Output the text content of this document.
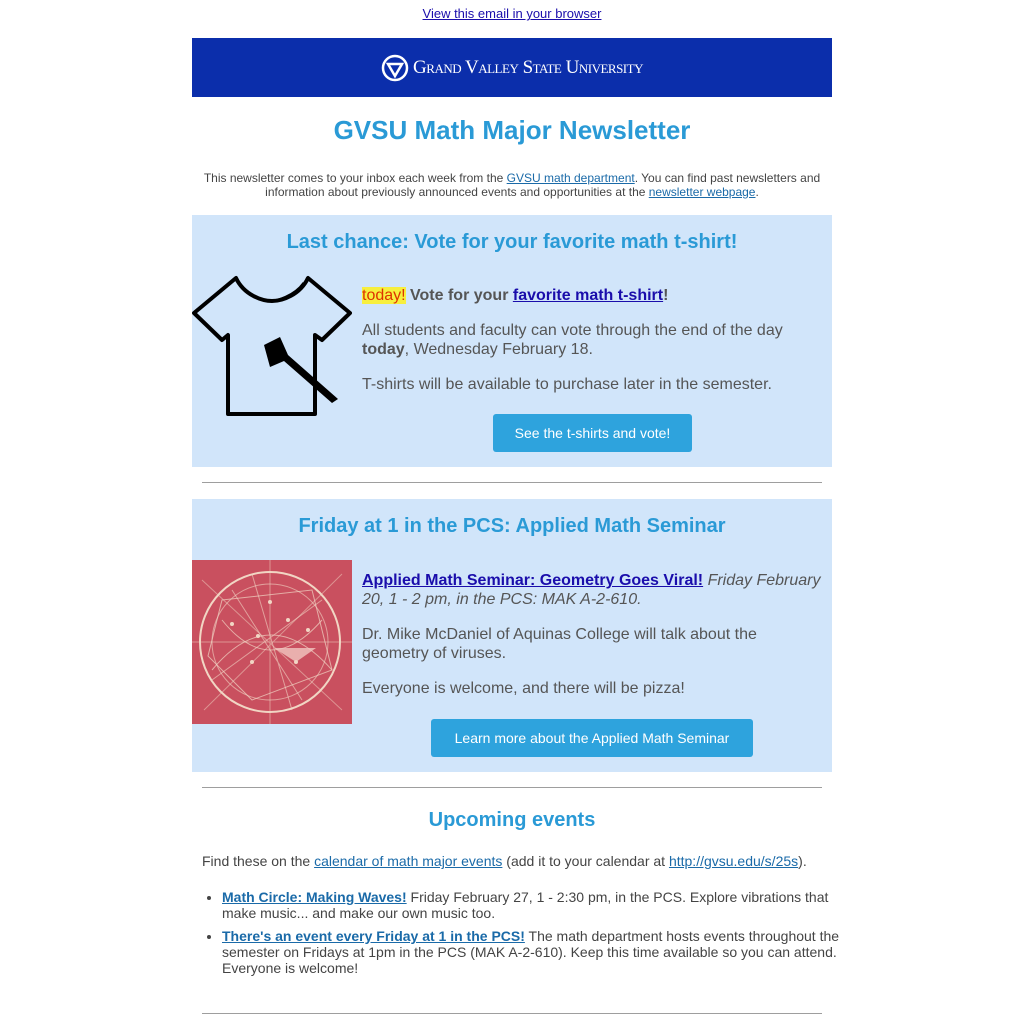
View this email in your browser
Grand Valley State University
GVSU Math Major Newsletter
This newsletter comes to your inbox each week from the GVSU math department. You can find past newsletters and information about previously announced events and opportunities at the newsletter webpage.
Last chance: Vote for your favorite math t-shirt!

today! Vote for your favorite math t-shirt!

All students and faculty can vote through the end of the day today, Wednesday February 18.

T-shirts will be available to purchase later in the semester.

See the t-shirts and vote!
Friday at 1 in the PCS: Applied Math Seminar

Applied Math Seminar: Geometry Goes Viral! Friday February 20, 1 - 2 pm, in the PCS: MAK A-2-610.

Dr. Mike McDaniel of Aquinas College will talk about the geometry of viruses.

Everyone is welcome, and there will be pizza!

Learn more about the Applied Math Seminar
Upcoming events
Find these on the calendar of math major events (add it to your calendar at http://gvsu.edu/s/25s).
• Math Circle: Making Waves! Friday February 27, 1 - 2:30 pm, in the PCS. Explore vibrations that make music... and make our own music too.
• There's an event every Friday at 1 in the PCS! The math department hosts events throughout the semester on Fridays at 1pm in the PCS (MAK A-2-610). Keep this time available so you can attend. Everyone is welcome!
